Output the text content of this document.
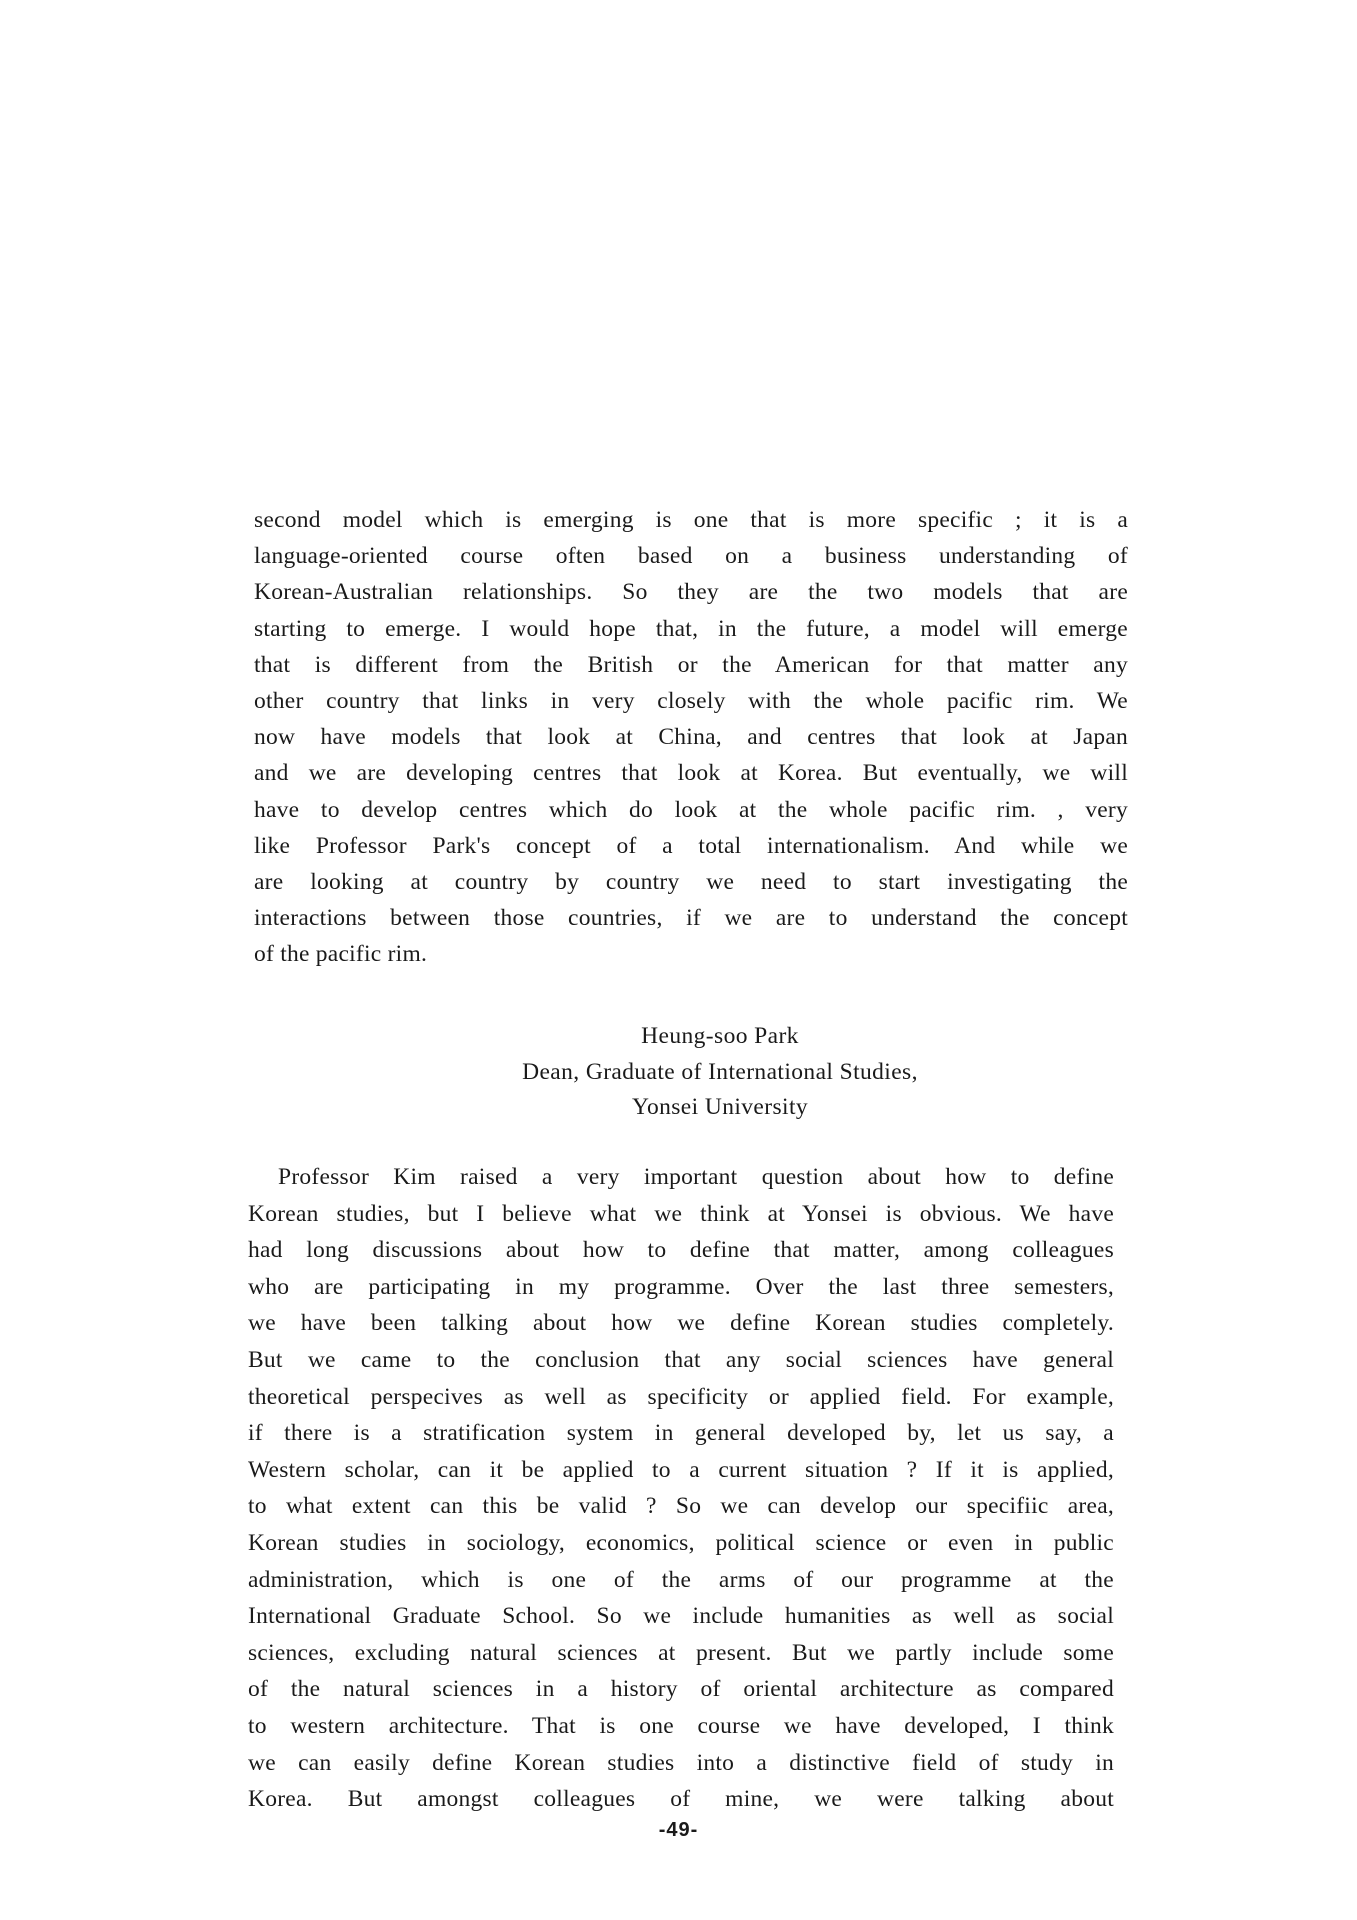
second model which is emerging is one that is more specific ; it is a
language-oriented course often based on a business understanding of
Korean-Australian relationships. So they are the two models that are
starting to emerge. I would hope that, in the future, a model will emerge
that is different from the British or the American for that matter any
other country that links in very closely with the whole pacific rim. We
now have models that look at China, and centres that look at Japan
and we are developing centres that look at Korea. But eventually, we will
have to develop centres which do look at the whole pacific rim. , very
like Professor Park's concept of a total internationalism. And while we
are looking at country by country we need to start investigating the
interactions between those countries, if we are to understand the concept
of the pacific rim.
Heung-soo Park
Dean, Graduate of International Studies,
Yonsei University
Professor Kim raised a very important question about how to define
Korean studies, but I believe what we think at Yonsei is obvious. We have
had long discussions about how to define that matter, among colleagues
who are participating in my programme. Over the last three semesters,
we have been talking about how we define Korean studies completely.
But we came to the conclusion that any social sciences have general
theoretical perspecives as well as specificity or applied field. For example,
if there is a stratification system in general developed by, let us say, a
Western scholar, can it be applied to a current situation ? If it is applied,
to what extent can this be valid ? So we can develop our specifiic area,
Korean studies in sociology, economics, political science or even in public
administration, which is one of the arms of our programme at the
International Graduate School. So we include humanities as well as social
sciences, excluding natural sciences at present. But we partly include some
of the natural sciences in a history of oriental architecture as compared
to western architecture. That is one course we have developed, I think
we can easily define Korean studies into a distinctive field of study in
Korea. But amongst colleagues of mine, we were talking about
-49-
